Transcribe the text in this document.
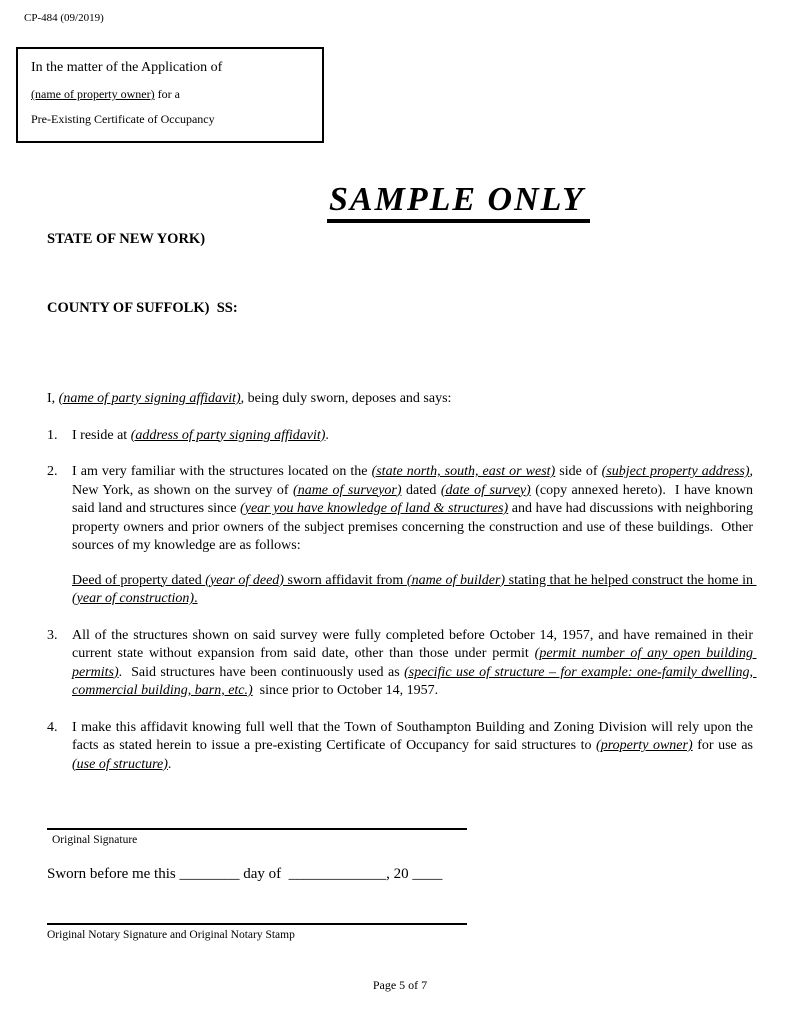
CP-484 (09/2019)
In the matter of the Application of
(name of property owner) for a
Pre-Existing Certificate of Occupancy

STATE OF NEW YORK)

COUNTY OF SUFFOLK)  SS:

SAMPLE ONLY

I, (name of party signing affidavit), being duly sworn, deposes and says:

1.	I reside at (address of party signing affidavit).
2.	I am very familiar with the structures located on the (state north, south, east or west) side of (subject property address), New York, as shown on the survey of (name of surveyor) dated (date of survey) (copy annexed hereto).  I have known said land and structures since (year you have knowledge of land & structures) and have had discussions with neighboring property owners and prior owners of the subject premises concerning the construction and use of these buildings.  Other sources of my knowledge are as follows:

Deed of property dated (year of deed) sworn affidavit from (name of builder) stating that he helped construct the home in (year of construction).

3.	All of the structures shown on said survey were fully completed before October 14, 1957, and have remained in their current state without expansion from said date, other than those under permit (permit number of any open building permits).  Said structures have been continuously used as (specific use of structure – for example: one-family dwelling, commercial building, barn, etc.)  since prior to October 14, 1957.
4.	I make this affidavit knowing full well that the Town of Southampton Building and Zoning Division will rely upon the facts as stated herein to issue a pre-existing Certificate of Occupancy for said structures to (property owner) for use as (use of structure).
Original Signature
Sworn before me this ________ day of  _____________, 20 ____
Original Notary Signature and Original Notary Stamp
Page 5 of 7
